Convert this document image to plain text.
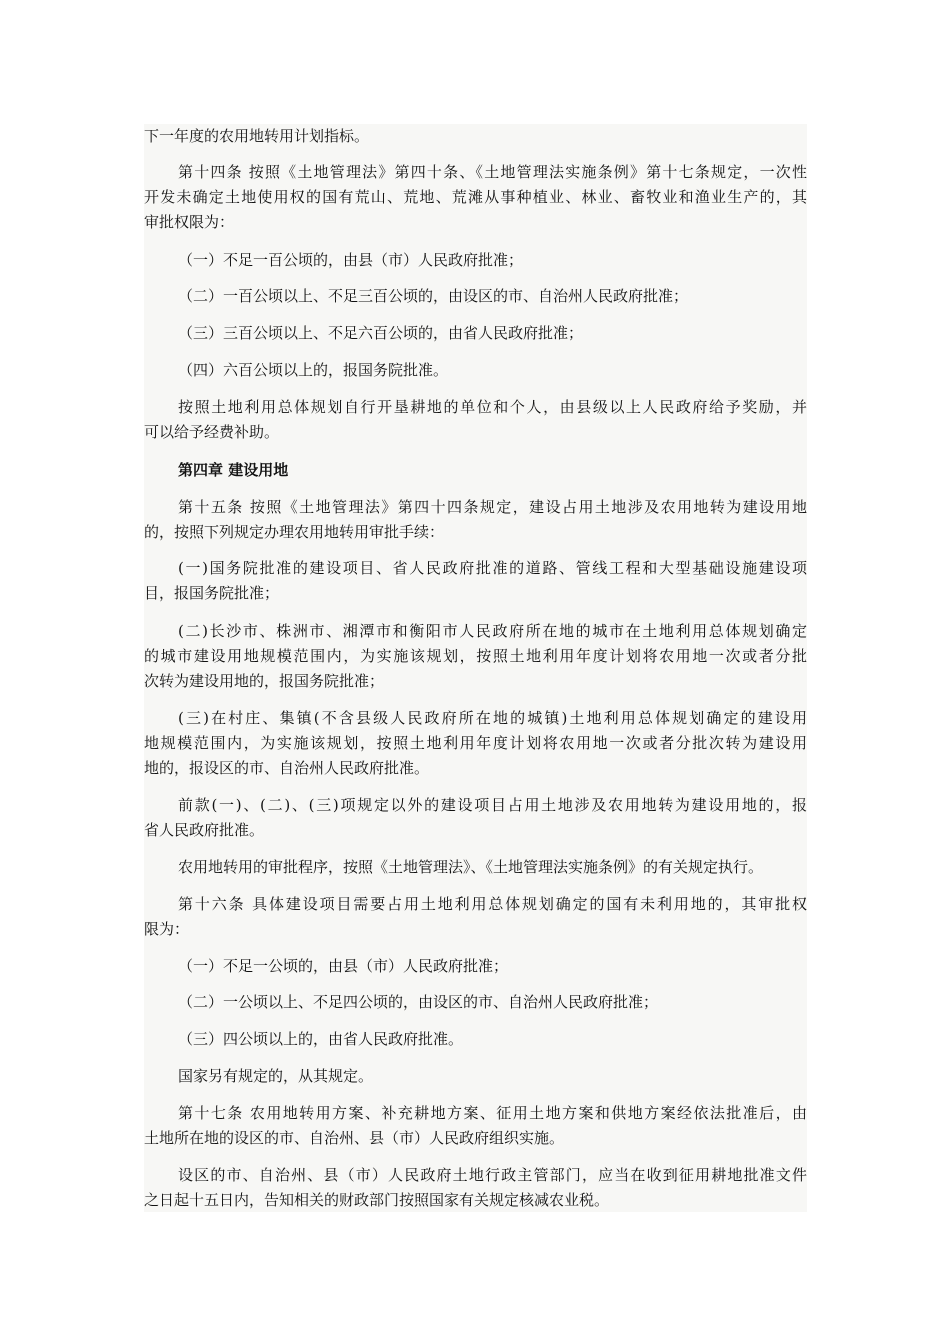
下一年度的农用地转用计划指标。
第十四条 按照《土地管理法》第四十条、《土地管理法实施条例》第十七条规定，一次性
开发未确定土地使用权的国有荒山、荒地、荒滩从事种植业、林业、畜牧业和渔业生产的，其
审批权限为：
（一）不足一百公顷的，由县（市）人民政府批准；
（二）一百公顷以上、不足三百公顷的，由设区的市、自治州人民政府批准；
（三）三百公顷以上、不足六百公顷的，由省人民政府批准；
（四）六百公顷以上的，报国务院批准。
按照土地利用总体规划自行开垦耕地的单位和个人，由县级以上人民政府给予奖励，并
可以给予经费补助。
第四章 建设用地
第十五条 按照《土地管理法》第四十四条规定，建设占用土地涉及农用地转为建设用地
的，按照下列规定办理农用地转用审批手续：
(一)国务院批准的建设项目、省人民政府批准的道路、管线工程和大型基础设施建设项
目，报国务院批准；
(二)长沙市、株洲市、湘潭市和衡阳市人民政府所在地的城市在土地利用总体规划确定
的城市建设用地规模范围内，为实施该规划，按照土地利用年度计划将农用地一次或者分批
次转为建设用地的，报国务院批准；
(三)在村庄、集镇(不含县级人民政府所在地的城镇)土地利用总体规划确定的建设用
地规模范围内，为实施该规划，按照土地利用年度计划将农用地一次或者分批次转为建设用
地的，报设区的市、自治州人民政府批准。
前款(一)、(二)、(三)项规定以外的建设项目占用土地涉及农用地转为建设用地的，报
省人民政府批准。
农用地转用的审批程序，按照《土地管理法》、《土地管理法实施条例》的有关规定执行。
第十六条 具体建设项目需要占用土地利用总体规划确定的国有未利用地的，其审批权
限为：
（一）不足一公顷的，由县（市）人民政府批准；
（二）一公顷以上、不足四公顷的，由设区的市、自治州人民政府批准；
（三）四公顷以上的，由省人民政府批准。
国家另有规定的，从其规定。
第十七条 农用地转用方案、补充耕地方案、征用土地方案和供地方案经依法批准后，由
土地所在地的设区的市、自治州、县（市）人民政府组织实施。
设区的市、自治州、县（市）人民政府土地行政主管部门，应当在收到征用耕地批准文件
之日起十五日内，告知相关的财政部门按照国家有关规定核减农业税。
